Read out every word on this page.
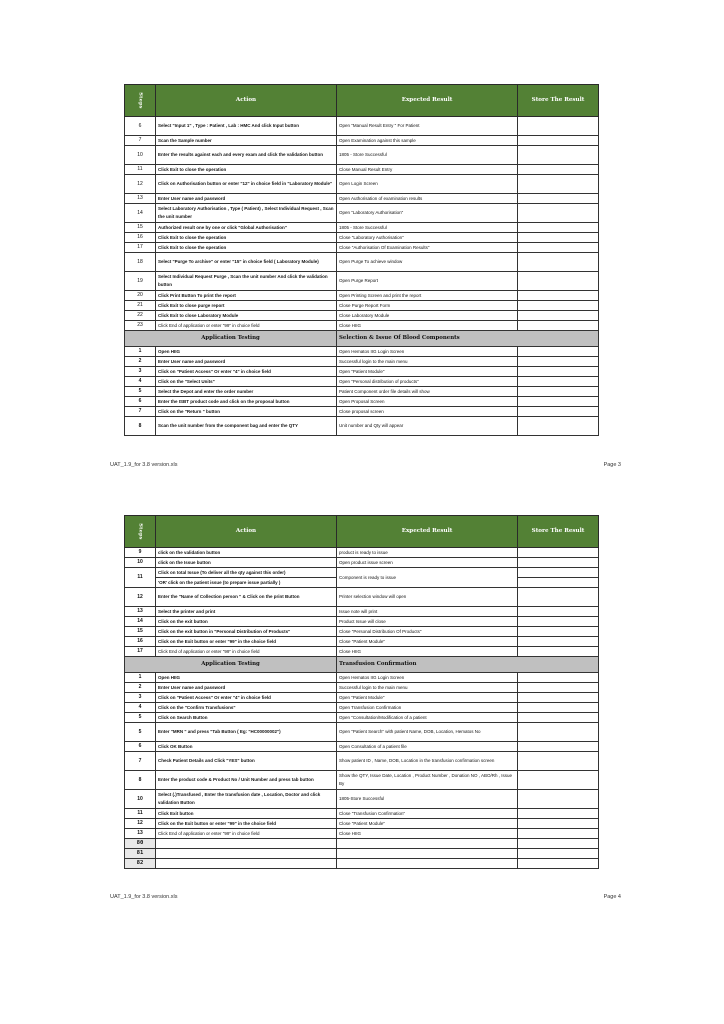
Steps	Action	Expected Result	Store The Result
6	Select "Input 1" , Type : Patient , Lab : HMC And click Input button	Open "Manual Result Entry " For Patient	
7	Scan the Sample number	Open Examination against this sample	
10	Enter the results against each and every exam and click the validation button	1805 - Store Successful	
11	Click Exit to close the operation	Close Manual Result Entry	
12	Click on Authorisation button or enter "12" in choice field in "Laboratory Module"	Open Login Screen	
13	Enter User name and password	Open Authorisation of examination results	
14	Select Laboratory Authorisation , Type ( Patient) , Select Individual Request , Scan the unit number	Open "Laboratory Authorisation"	
15	Authorized result one by one or click "Global Authorisation"	1805 - Store Successful	
16	Click Exit to close the operation	Close "Laboratory Authorisation"	
17	Click Exit to close the operation	Close "Authorisation Of Examination Results"	
18	Select "Purge To archive" or enter "15" in choice field ( Laboratory Module)	Open Purge To achieve window	
19	Select Individual Request Purge , Scan the unit number And click the validation button	Open Purge Report	
20	Click Print Button To print the report	Open Printing Screen and print the report	
21	Click Exit to close purge report	Close Purge Report Form	
22	Click Exit to close Laboratory Module	Close Laboratory Module	
23	Click End of application or enter "99" in choice field	Close HIIG	
Application Testing		Selection & Issue Of Blood Components	
1	Open HIIG	Open Hematos IIG Login Screen	
2	Enter User name and password	Successful login to the main menu	
3	Click on "Patient Access" Or enter "4" in choice field	Open "Patient Module"	
4	Click on the "Select Units"	Open "Personal distribution of products"	
5	Select the Depot and enter the order number	Patient Component order file details will show	
6	Enter the ISBT product code and click on the proposal button	Open Proposal Screen	
7	Click on the "Return " button	Close proposal screen	
8	Scan the unit number from the component bag and enter the QTY	Unit number and Qty will appear	
UAT_1.9_for 3.8 version.xls	Page 3
Steps	Action	Expected Result	Store The Result
9	click on the validation button	product is ready to issue	
10	click on the Issue button	Open product issue screen	
11	Click on total Issue (To deliver all the qty against this order)	Component is ready to issue	
	'OR' click on the patient issue (to prepare issue partially )		
12	Enter the "Name of Collection person " & Click on the print Button	Printer selection window will open	
13	Select the printer and print	Issue note will print	
14	Click on the exit button	Product Issue will close	
15	Click on the exit button in "Personal Distribution of Products"	Close "Personal Distribution Of Products"	
16	Click on the Exit button or enter "99" in the choice field	Close "Patient Module"	
17	Click End of application or enter "99" in choice field	Close HIIG	
Application Testing		Transfusion Confirmation	
1	Open HIIG	Open Hematos IIG Login Screen	
2	Enter User name and password	Successful login to the main menu	
3	Click on "Patient Access" Or enter "4" in choice field	Open "Patient Module"	
4	Click on the "Confirm Transfusions"	Open Transfusion Confirmation	
5	Click on Search Button	Open "Consultation/Modification of a patient	
5	Enter "MRN " and press "Tab Button ( Eg: "HC00000002")	Open "Patient Search" with patient Name, DOB, Location, Hematos No	
6	Click OK Button	Open Consultation of a patient file	
7	Check Patient Details and Click "YES" button	Show patient ID , Name, DOB, Location in the transfusion confirmation screen	
8	Enter the product code & Product No / Unit Number and press tab button	Show the QTY, Issue Date, Location , Product Number , Donation NO , ABO/Rh , Issue By	
10	Select (.)Transfused , Enter the transfusion date , Location, Doctor and click validation Button	1805-Store Successful	
11	Click Exit button	Close "Transfusion Confirmation"	
12	Click on the Exit button or enter "99" in the choice field	Close "Patient Module"	
13	Click End of application or enter "99" in choice field	Close HIIG	
80			
81			
82			
UAT_1.9_for 3.8 version.xls	Page 4
